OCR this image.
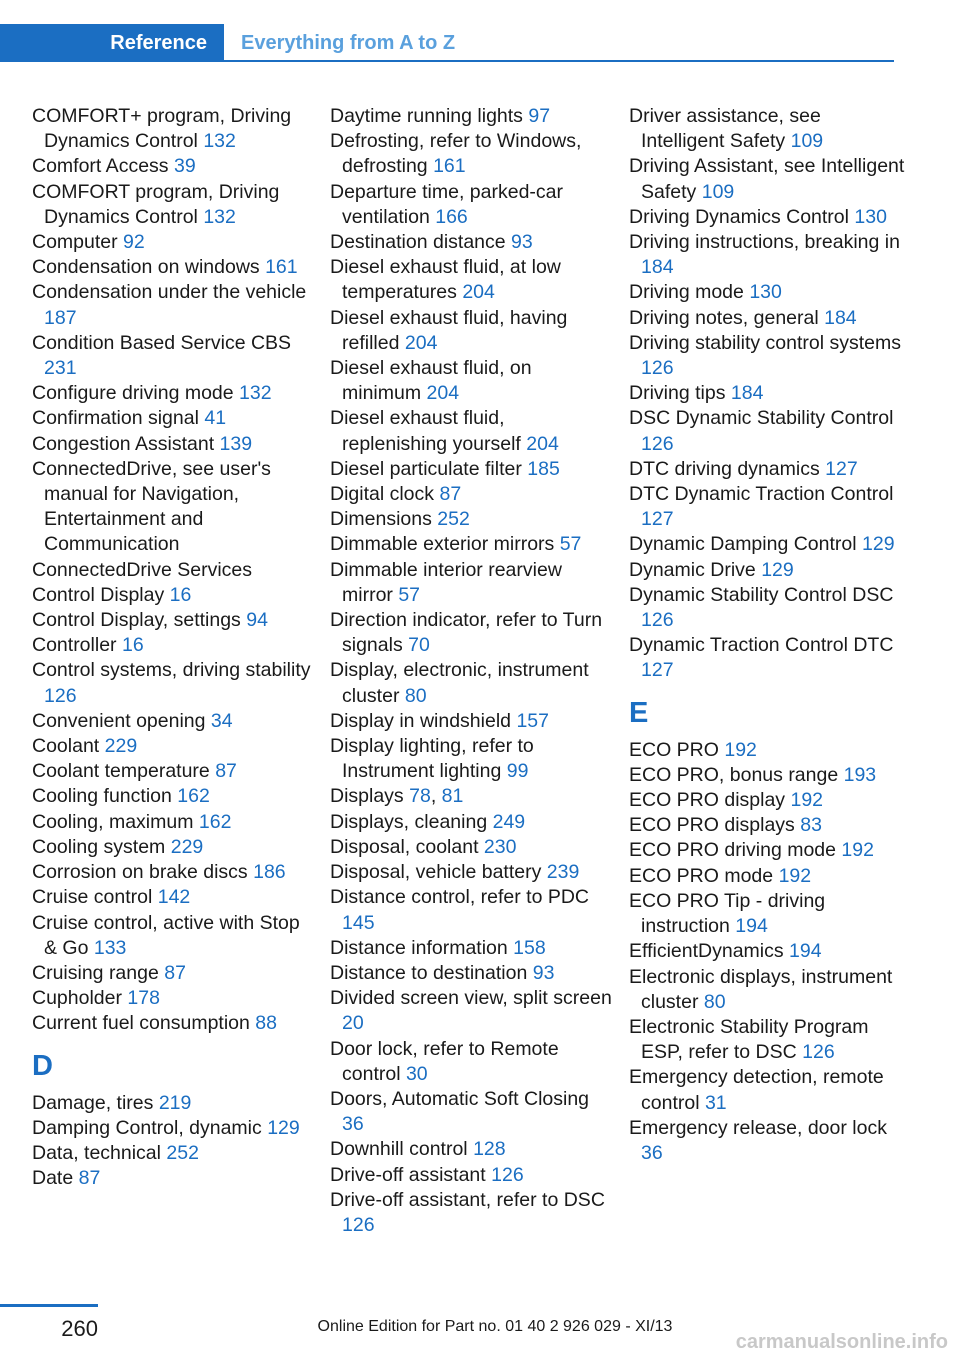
Reference	Everything from A to Z
COMFORT+ program, Driving Dynamics Control 132
Comfort Access 39
COMFORT program, Driving Dynamics Control 132
Computer 92
Condensation on windows 161
Condensation under the vehicle 187
Condition Based Service CBS 231
Configure driving mode 132
Confirmation signal 41
Congestion Assistant 139
ConnectedDrive, see user's manual for Navigation, Entertainment and Communication
ConnectedDrive Services
Control Display 16
Control Display, settings 94
Controller 16
Control systems, driving stability 126
Convenient opening 34
Coolant 229
Coolant temperature 87
Cooling function 162
Cooling, maximum 162
Cooling system 229
Corrosion on brake discs 186
Cruise control 142
Cruise control, active with Stop & Go 133
Cruising range 87
Cupholder 178
Current fuel consumption 88
D
Damage, tires 219
Damping Control, dynamic 129
Data, technical 252
Date 87
Daytime running lights 97
Defrosting, refer to Windows, defrosting 161
Departure time, parked-car ventilation 166
Destination distance 93
Diesel exhaust fluid, at low temperatures 204
Diesel exhaust fluid, having refilled 204
Diesel exhaust fluid, on minimum 204
Diesel exhaust fluid, replenishing yourself 204
Diesel particulate filter 185
Digital clock 87
Dimensions 252
Dimmable exterior mirrors 57
Dimmable interior rearview mirror 57
Direction indicator, refer to Turn signals 70
Display, electronic, instrument cluster 80
Display in windshield 157
Display lighting, refer to Instrument lighting 99
Displays 78, 81
Displays, cleaning 249
Disposal, coolant 230
Disposal, vehicle battery 239
Distance control, refer to PDC 145
Distance information 158
Distance to destination 93
Divided screen view, split screen 20
Door lock, refer to Remote control 30
Doors, Automatic Soft Closing 36
Downhill control 128
Drive-off assistant 126
Drive-off assistant, refer to DSC 126
Driver assistance, see Intelligent Safety 109
Driving Assistant, see Intelligent Safety 109
Driving Dynamics Control 130
Driving instructions, breaking in 184
Driving mode 130
Driving notes, general 184
Driving stability control systems 126
Driving tips 184
DSC Dynamic Stability Control 126
DTC driving dynamics 127
DTC Dynamic Traction Control 127
Dynamic Damping Control 129
Dynamic Drive 129
Dynamic Stability Control DSC 126
Dynamic Traction Control DTC 127
E
ECO PRO 192
ECO PRO, bonus range 193
ECO PRO display 192
ECO PRO displays 83
ECO PRO driving mode 192
ECO PRO mode 192
ECO PRO Tip - driving instruction 194
EfficientDynamics 194
Electronic displays, instrument cluster 80
Electronic Stability Program ESP, refer to DSC 126
Emergency detection, remote control 31
Emergency release, door lock 36
260	Online Edition for Part no. 01 40 2 926 029 - XI/13
carmanualsonline.info
